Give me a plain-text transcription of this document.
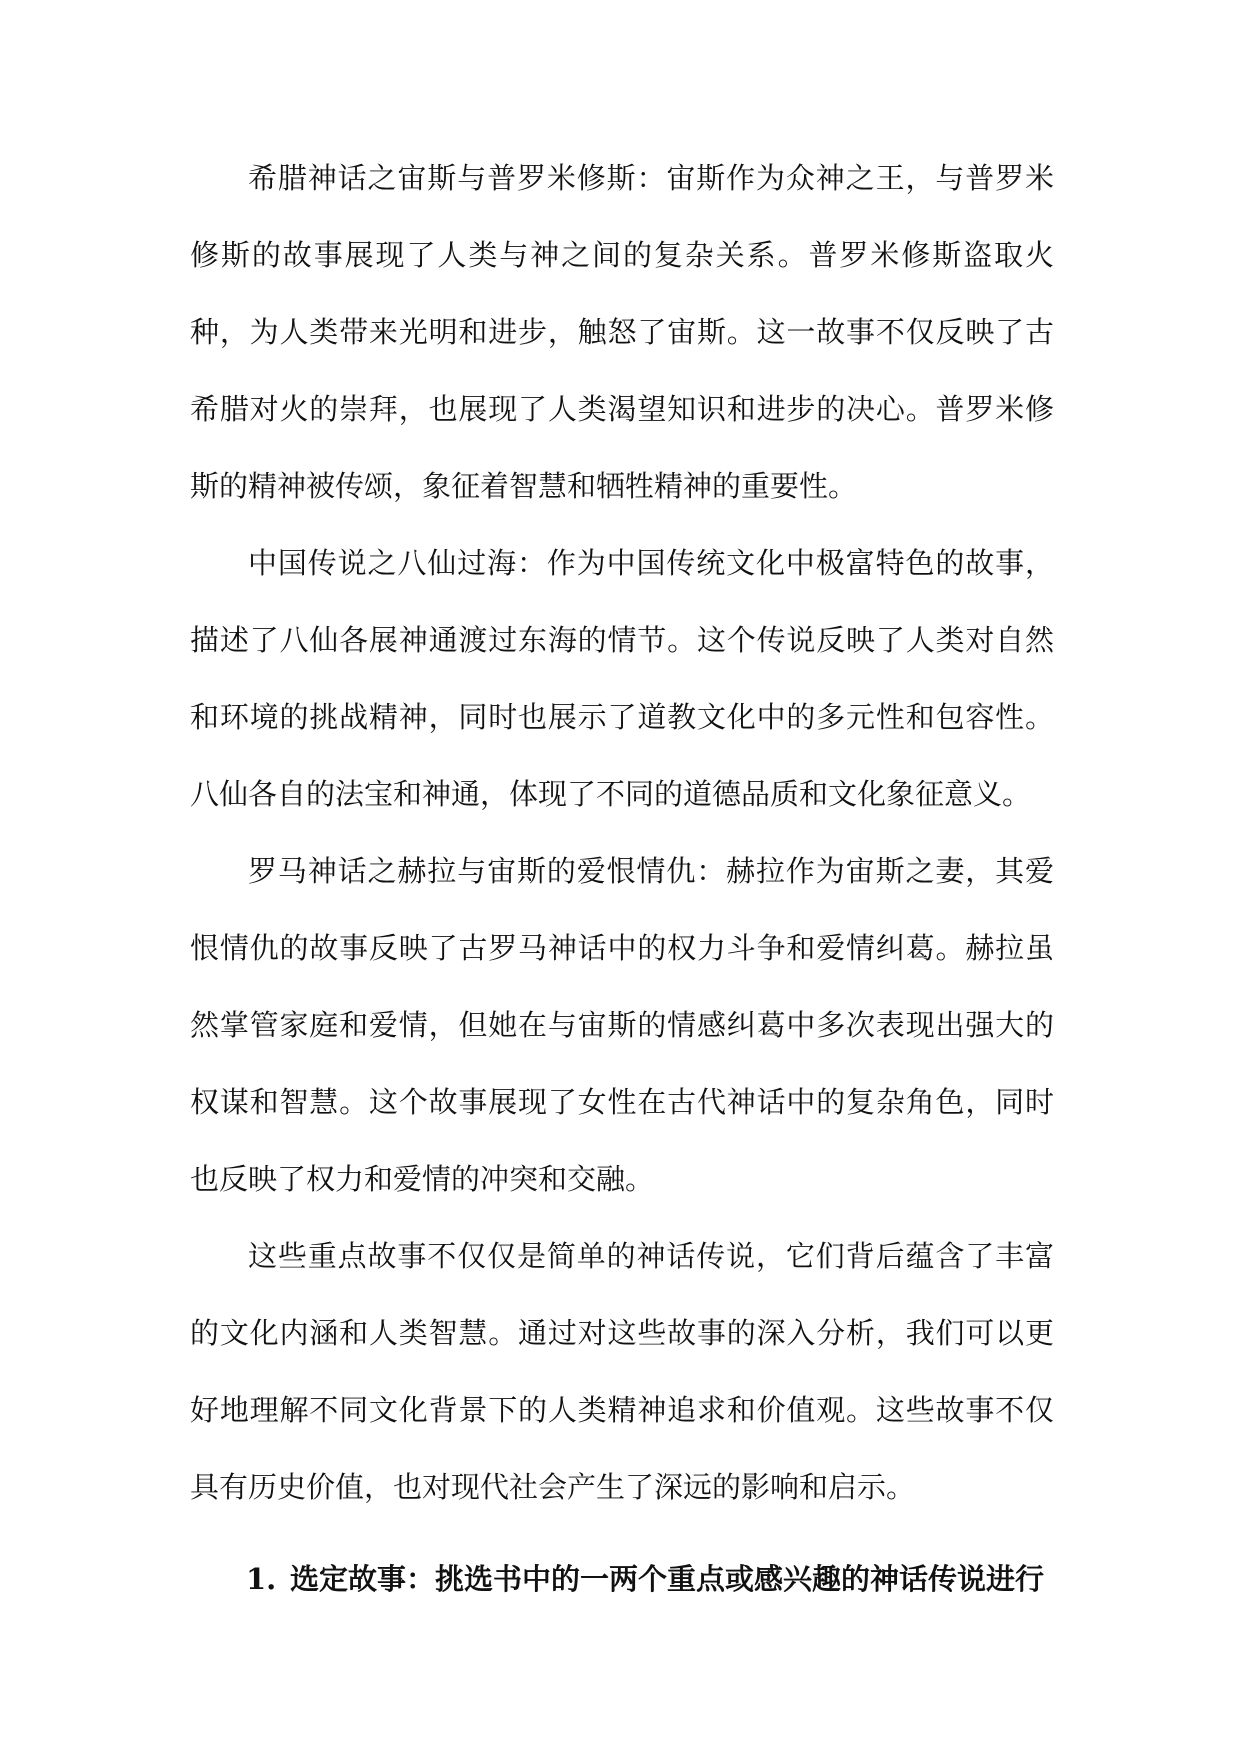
希腊神话之宙斯与普罗米修斯：宙斯作为众神之王，与普罗米修斯的故事展现了人类与神之间的复杂关系。普罗米修斯盗取火种，为人类带来光明和进步，触怒了宙斯。这一故事不仅反映了古希腊对火的崇拜，也展现了人类渴望知识和进步的决心。普罗米修斯的精神被传颂，象征着智慧和牺牲精神的重要性。

中国传说之八仙过海：作为中国传统文化中极富特色的故事，描述了八仙各展神通渡过东海的情节。这个传说反映了人类对自然和环境的挑战精神，同时也展示了道教文化中的多元性和包容性。八仙各自的法宝和神通，体现了不同的道德品质和文化象征意义。

罗马神话之赫拉与宙斯的爱恨情仇：赫拉作为宙斯之妻，其爱恨情仇的故事反映了古罗马神话中的权力斗争和爱情纠葛。赫拉虽然掌管家庭和爱情，但她在与宙斯的情感纠葛中多次表现出强大的权谋和智慧。这个故事展现了女性在古代神话中的复杂角色，同时也反映了权力和爱情的冲突和交融。

这些重点故事不仅仅是简单的神话传说，它们背后蕴含了丰富的文化内涵和人类智慧。通过对这些故事的深入分析，我们可以更好地理解不同文化背景下的人类精神追求和价值观。这些故事不仅具有历史价值，也对现代社会产生了深远的影响和启示。

1. 选定故事：挑选书中的一两个重点或感兴趣的神话传说进行
